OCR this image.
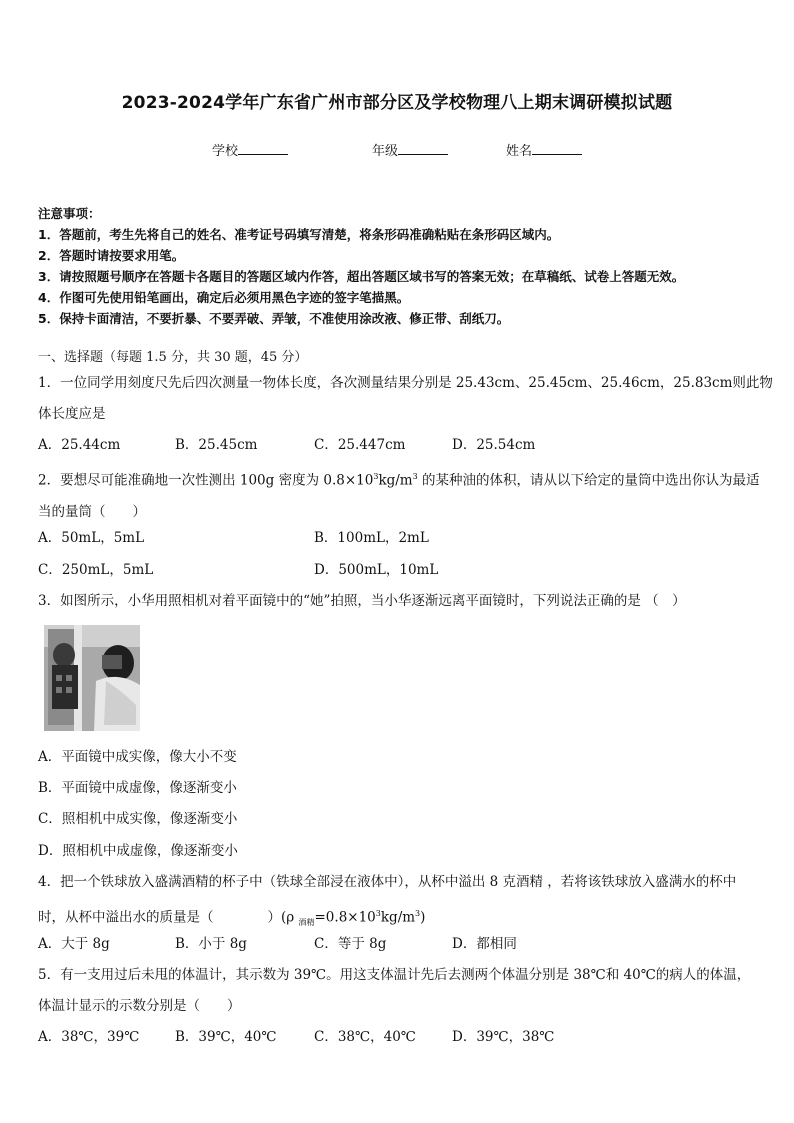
2023-2024学年广东省广州市部分区及学校物理八上期末调研模拟试题
学校	年级	姓名
注意事项：
1．答题前，考生先将自己的姓名、准考证号码填写清楚，将条形码准确粘贴在条形码区域内。
2．答题时请按要求用笔。
3．请按照题号顺序在答题卡各题目的答题区域内作答，超出答题区域书写的答案无效；在草稿纸、试卷上答题无效。
4．作图可先使用铅笔画出，确定后必须用黑色字迹的签字笔描黑。
5．保持卡面清洁，不要折暴、不要弄破、弄皱，不准使用涂改液、修正带、刮纸刀。
一、选择题（每题 1.5 分，共 30 题，45 分）
1．一位同学用刻度尺先后四次测量一物体长度，各次测量结果分别是 25.43cm、25.45cm、25.46cm，25.83cm则此物
体长度应是
A．25.44cm	B．25.45cm	C．25.447cm	D．25.54cm
2．要想尽可能准确地一次性测出 100g 密度为 $0.8\times 10^3kg/m^3$ 的某种油的体积，请从以下给定的量筒中选出你认为最适
当的量筒（　　）
A．50mL，5mL	B．100mL，2mL
C．250mL，5mL	D．500mL，10mL
3．如图所示，小华用照相机对着平面镜中的“她”拍照，当小华逐渐远离平面镜时，下列说法正确的是 （　）
A．平面镜中成实像，像大小不变
B．平面镜中成虚像，像逐渐变小
C．照相机中成实像，像逐渐变小
D．照相机中成虚像，像逐渐变小
4．把一个铁球放入盛满酒精的杯子中（铁球全部浸在液体中），从杯中溢出 8 克酒精 ，若将该铁球放入盛满水的杯中
时，从杯中溢出水的质量是（　　　　）(ρ $_{酒精}=0.8\times 10^3kg/m^3$)
A．大于 8g	B．小于 8g	C．等于 8g	D．都相同
5．有一支用过后未甩的体温计，其示数为 39℃。用这支体温计先后去测两个体温分别是 38℃和 40℃的病人的体温，
体温计显示的示数分别是（　　）
A．38℃，39℃	B．39℃，40℃	C．38℃，40℃	D．39℃，38℃
